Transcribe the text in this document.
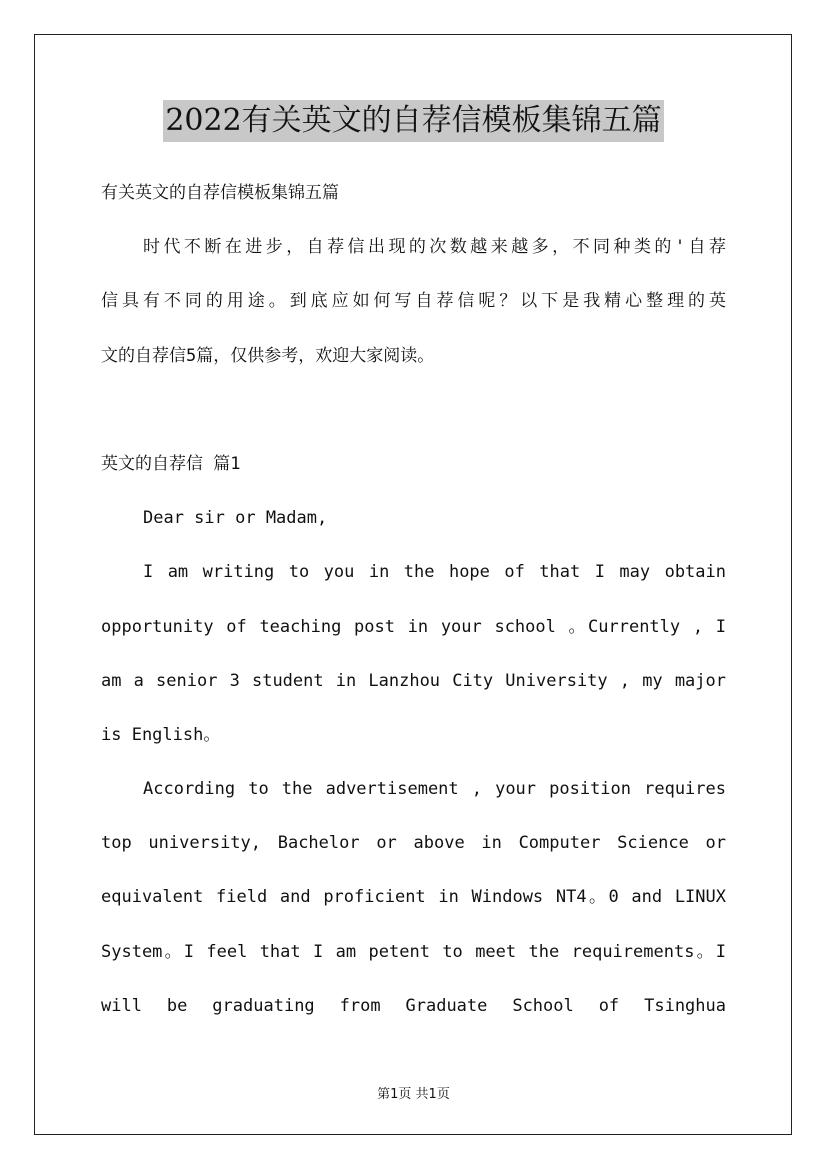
2022有关英文的自荐信模板集锦五篇
有关英文的自荐信模板集锦五篇
时代不断在进步，自荐信出现的次数越来越多，不同种类的'自荐
信具有不同的用途。到底应如何写自荐信呢？以下是我精心整理的英
文的自荐信5篇，仅供参考，欢迎大家阅读。
英文的自荐信 篇1
Dear sir or Madam,
I am writing to you in the hope of that I may obtain
opportunity of teaching post in your school 。Currently , I
am a senior 3 student in Lanzhou City University , my major
is English。
According to the advertisement , your position requires
top university, Bachelor or above in Computer Science or
equivalent field and proficient in Windows NT4。0 and LINUX
System。I feel that I am petent to meet the requirements。I
will be graduating from Graduate School of Tsinghua
第1页 共1页
